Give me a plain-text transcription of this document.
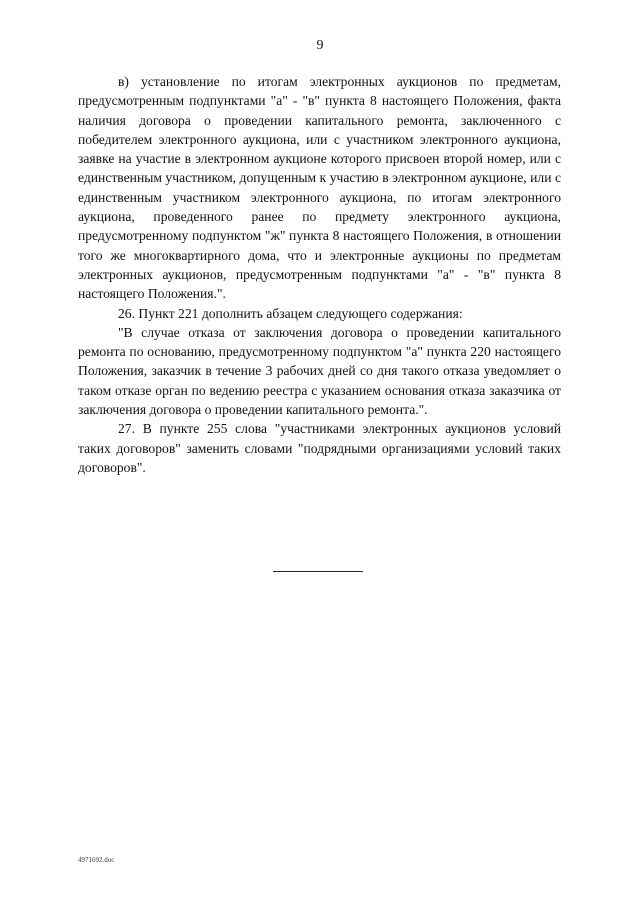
9

в) установление по итогам электронных аукционов по предметам, предусмотренным подпунктами "а" - "в" пункта 8 настоящего Положения, факта наличия договора о проведении капитального ремонта, заключенного с победителем электронного аукциона, или с участником электронного аукциона, заявке на участие в электронном аукционе которого присвоен второй номер, или с единственным участником, допущенным к участию в электронном аукционе, или с единственным участником электронного аукциона, по итогам электронного аукциона, проведенного ранее по предмету электронного аукциона, предусмотренному подпунктом "ж" пункта 8 настоящего Положения, в отношении того же многоквартирного дома, что и электронные аукционы по предметам электронных аукционов, предусмотренным подпунктами "а" - "в" пункта 8 настоящего Положения.".

26. Пункт 221 дополнить абзацем следующего содержания:

"В случае отказа от заключения договора о проведении капитального ремонта по основанию, предусмотренному подпунктом "а" пункта 220 настоящего Положения, заказчик в течение 3 рабочих дней со дня такого отказа уведомляет о таком отказе орган по ведению реестра с указанием основания отказа заказчика от заключения договора о проведении капитального ремонта.".

27. В пункте 255 слова "участниками электронных аукционов условий таких договоров" заменить словами "подрядными организациями условий таких договоров".

4971692.doc
